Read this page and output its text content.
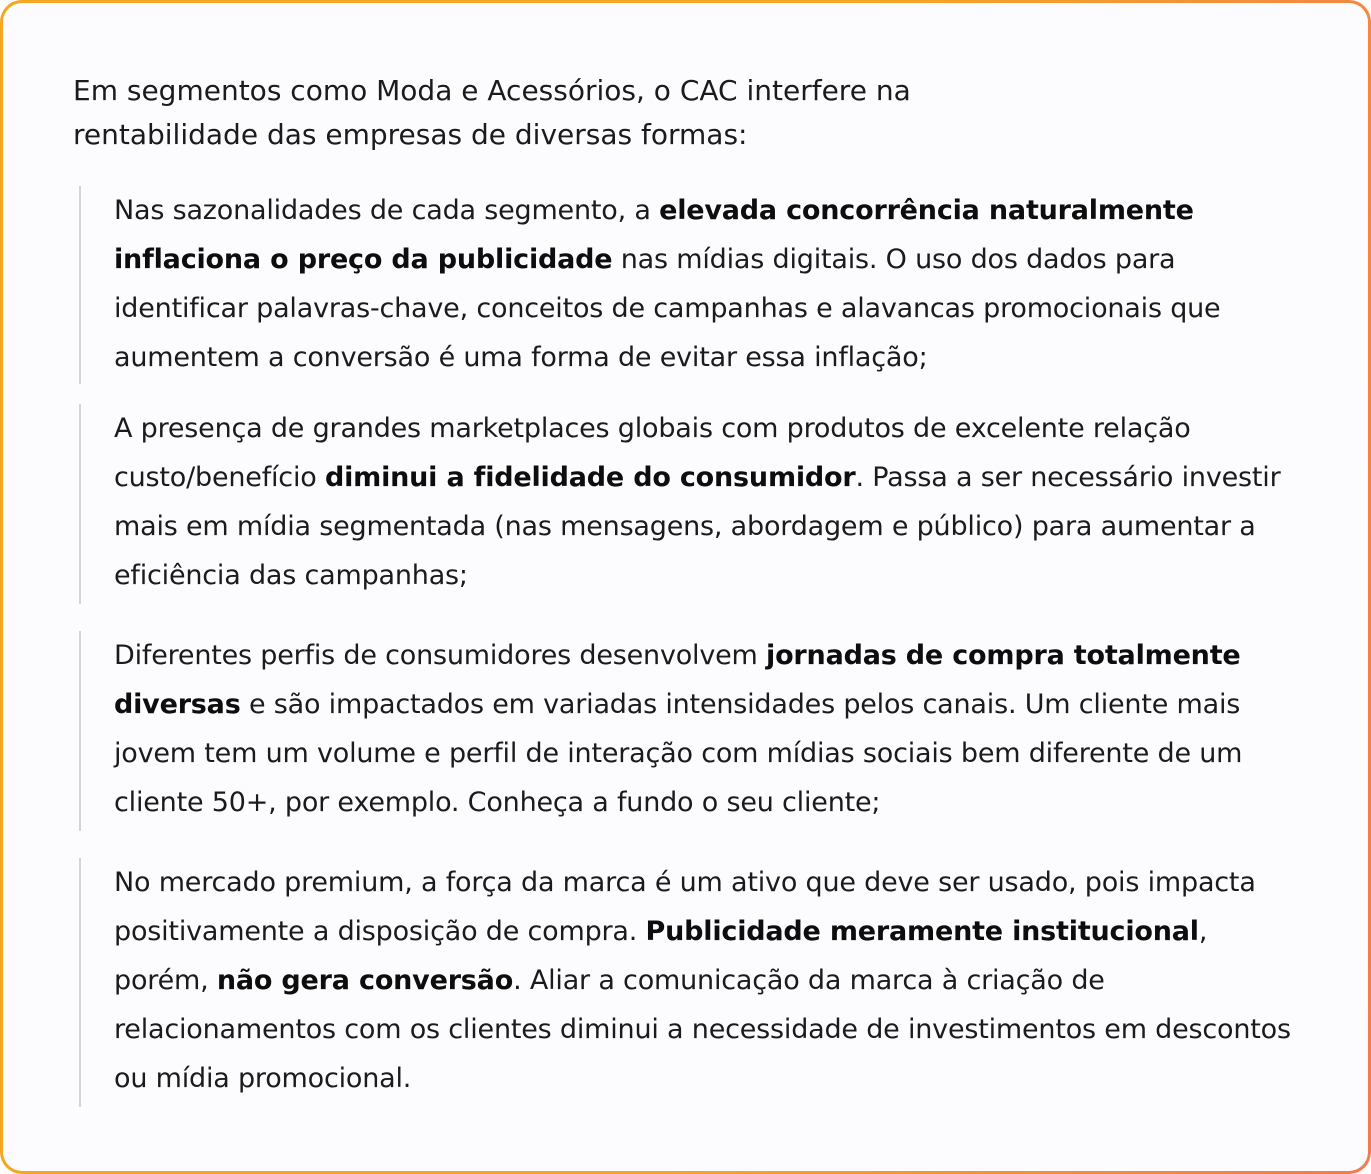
Em segmentos como Moda e Acessórios, o CAC interfere na rentabilidade das empresas de diversas formas:

Nas sazonalidades de cada segmento, a elevada concorrência naturalmente inflaciona o preço da publicidade nas mídias digitais. O uso dos dados para identificar palavras-chave, conceitos de campanhas e alavancas promocionais que aumentem a conversão é uma forma de evitar essa inflação;

A presença de grandes marketplaces globais com produtos de excelente relação custo/benefício diminui a fidelidade do consumidor. Passa a ser necessário investir mais em mídia segmentada (nas mensagens, abordagem e público) para aumentar a eficiência das campanhas;

Diferentes perfis de consumidores desenvolvem jornadas de compra totalmente diversas e são impactados em variadas intensidades pelos canais. Um cliente mais jovem tem um volume e perfil de interação com mídias sociais bem diferente de um cliente 50+, por exemplo. Conheça a fundo o seu cliente;

No mercado premium, a força da marca é um ativo que deve ser usado, pois impacta positivamente a disposição de compra. Publicidade meramente institucional, porém, não gera conversão. Aliar a comunicação da marca à criação de relacionamentos com os clientes diminui a necessidade de investimentos em descontos ou mídia promocional.
